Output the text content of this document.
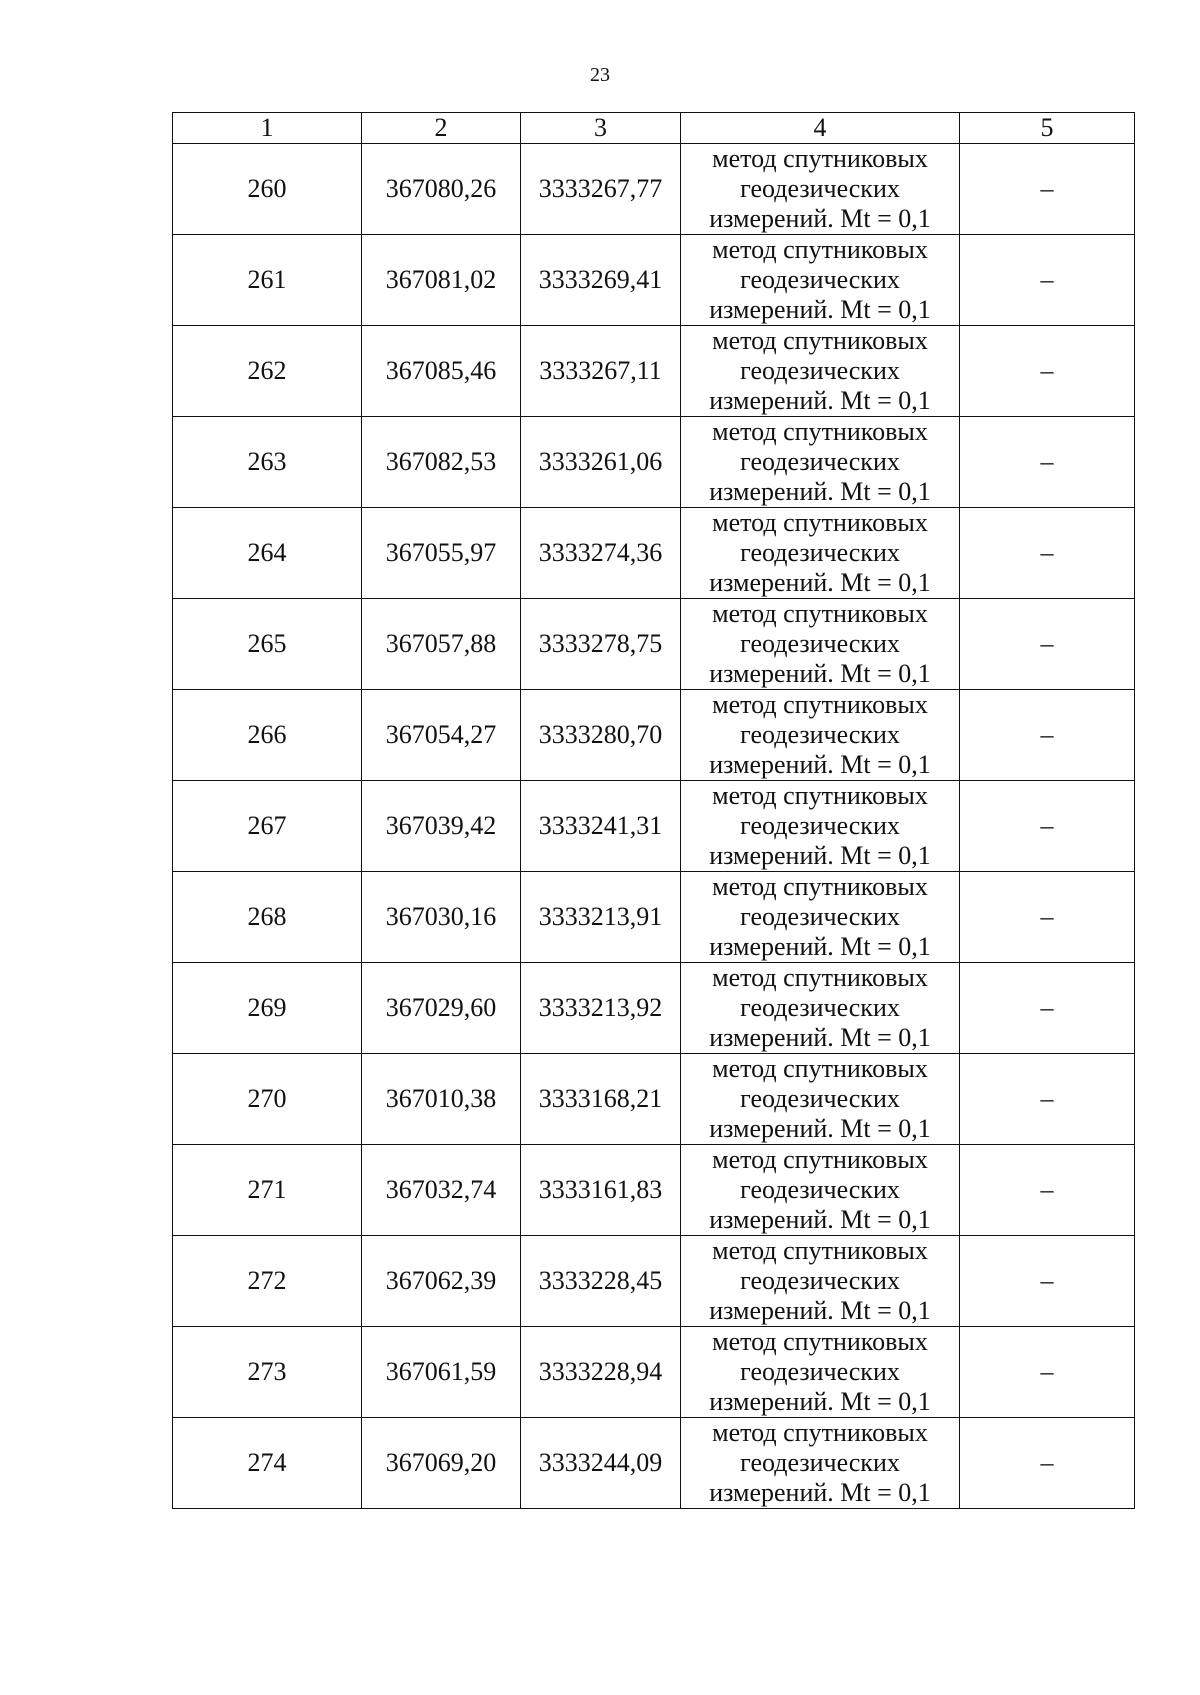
23
1	2	3	4	5
260	367080,26	3333267,77	метод спутниковых
геодезических
измерений. Mt = 0,1	–
261	367081,02	3333269,41	метод спутниковых
геодезических
измерений. Mt = 0,1	–
262	367085,46	3333267,11	метод спутниковых
геодезических
измерений. Mt = 0,1	–
263	367082,53	3333261,06	метод спутниковых
геодезических
измерений. Mt = 0,1	–
264	367055,97	3333274,36	метод спутниковых
геодезических
измерений. Mt = 0,1	–
265	367057,88	3333278,75	метод спутниковых
геодезических
измерений. Mt = 0,1	–
266	367054,27	3333280,70	метод спутниковых
геодезических
измерений. Mt = 0,1	–
267	367039,42	3333241,31	метод спутниковых
геодезических
измерений. Mt = 0,1	–
268	367030,16	3333213,91	метод спутниковых
геодезических
измерений. Mt = 0,1	–
269	367029,60	3333213,92	метод спутниковых
геодезических
измерений. Mt = 0,1	–
270	367010,38	3333168,21	метод спутниковых
геодезических
измерений. Mt = 0,1	–
271	367032,74	3333161,83	метод спутниковых
геодезических
измерений. Mt = 0,1	–
272	367062,39	3333228,45	метод спутниковых
геодезических
измерений. Mt = 0,1	–
273	367061,59	3333228,94	метод спутниковых
геодезических
измерений. Mt = 0,1	–
274	367069,20	3333244,09	метод спутниковых
геодезических
измерений. Mt = 0,1	–
